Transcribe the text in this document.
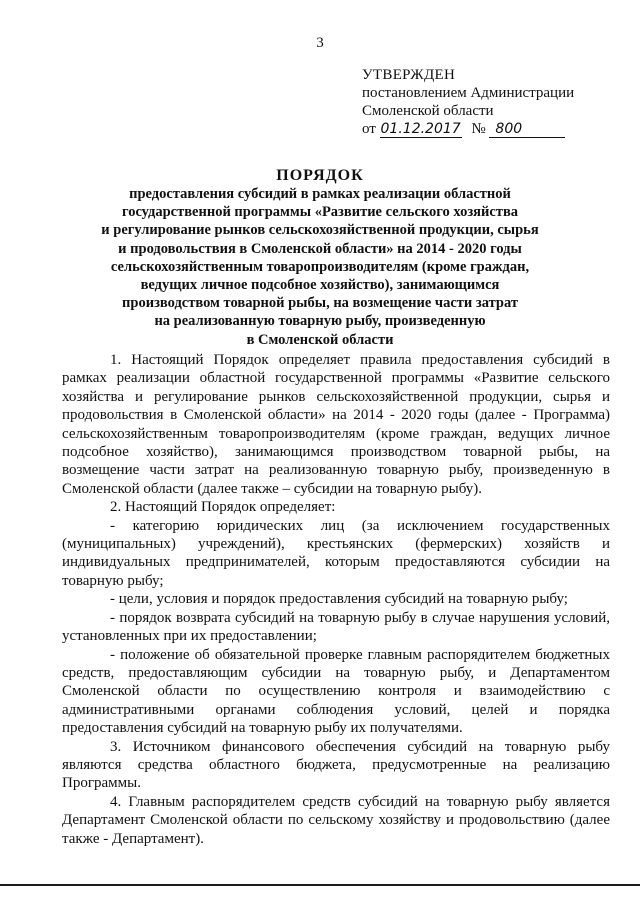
3
УТВЕРЖДЕН
постановлением Администрации
Смоленской области
от 01.12.2017 № 800
ПОРЯДОК
предоставления субсидий в рамках реализации областной
государственной программы «Развитие сельского хозяйства
и регулирование рынков сельскохозяйственной продукции, сырья
и продовольствия в Смоленской области» на 2014 - 2020 годы
сельскохозяйственным товаропроизводителям (кроме граждан,
ведущих личное подсобное хозяйство), занимающимся
производством товарной рыбы, на возмещение части затрат
на реализованную товарную рыбу, произведенную
в Смоленской области

1. Настоящий Порядок определяет правила предоставления субсидий в рамках реализации областной государственной программы «Развитие сельского хозяйства и регулирование рынков сельскохозяйственной продукции, сырья и продовольствия в Смоленской области» на 2014 - 2020 годы (далее - Программа) сельскохозяйственным товаропроизводителям (кроме граждан, ведущих личное подсобное хозяйство), занимающимся производством товарной рыбы, на возмещение части затрат на реализованную товарную рыбу, произведенную в Смоленской области (далее также – субсидии на товарную рыбу).

2. Настоящий Порядок определяет:

- категорию юридических лиц (за исключением государственных (муниципальных) учреждений), крестьянских (фермерских) хозяйств и индивидуальных предпринимателей, которым предоставляются субсидии на товарную рыбу;

- цели, условия и порядок предоставления субсидий на товарную рыбу;

- порядок возврата субсидий на товарную рыбу в случае нарушения условий, установленных при их предоставлении;

- положение об обязательной проверке главным распорядителем бюджетных средств, предоставляющим субсидии на товарную рыбу, и Департаментом Смоленской области по осуществлению контроля и взаимодействию с административными органами соблюдения условий, целей и порядка предоставления субсидий на товарную рыбу их получателями.

3. Источником финансового обеспечения субсидий на товарную рыбу являются средства областного бюджета, предусмотренные на реализацию Программы.

4. Главным распорядителем средств субсидий на товарную рыбу является Департамент Смоленской области по сельскому хозяйству и продовольствию (далее также - Департамент).
